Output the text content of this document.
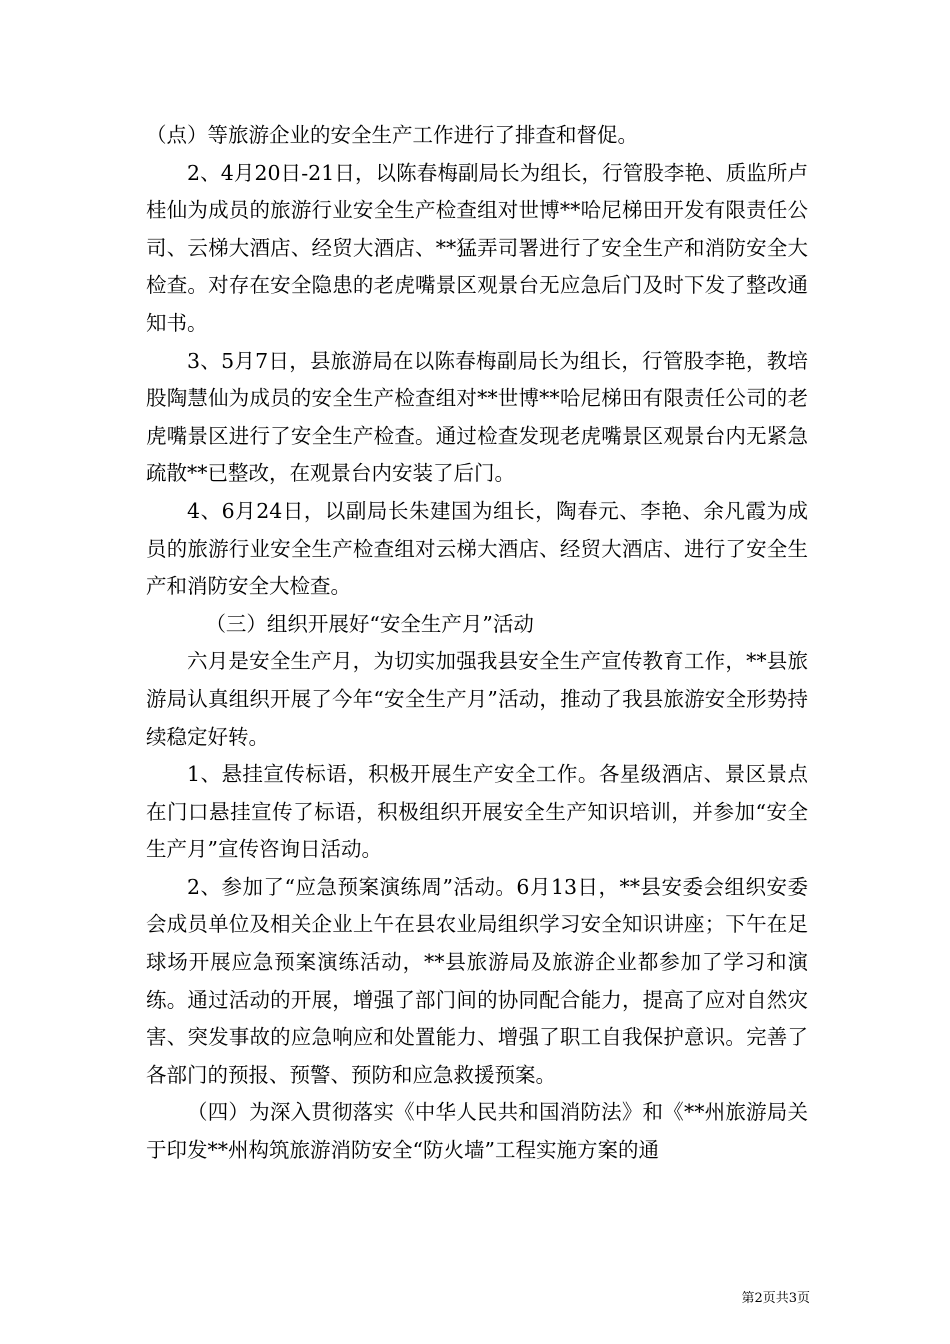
（点）等旅游企业的安全生产工作进行了排查和督促。

2、4月20日-21日，以陈春梅副局长为组长，行管股李艳、质监所卢桂仙为成员的旅游行业安全生产检查组对世博**哈尼梯田开发有限责任公司、云梯大酒店、经贸大酒店、**猛弄司署进行了安全生产和消防安全大检查。对存在安全隐患的老虎嘴景区观景台无应急后门及时下发了整改通知书。

3、5月7日，县旅游局在以陈春梅副局长为组长，行管股李艳，教培股陶慧仙为成员的安全生产检查组对**世博**哈尼梯田有限责任公司的老虎嘴景区进行了安全生产检查。通过检查发现老虎嘴景区观景台内无紧急疏散**已整改，在观景台内安装了后门。

4、6月24日，以副局长朱建国为组长，陶春元、李艳、余凡霞为成员的旅游行业安全生产检查组对云梯大酒店、经贸大酒店、进行了安全生产和消防安全大检查。

（三）组织开展好“安全生产月”活动

六月是安全生产月，为切实加强我县安全生产宣传教育工作，**县旅游局认真组织开展了今年“安全生产月”活动，推动了我县旅游安全形势持续稳定好转。

1、悬挂宣传标语，积极开展生产安全工作。各星级酒店、景区景点在门口悬挂宣传了标语，积极组织开展安全生产知识培训，并参加“安全生产月”宣传咨询日活动。

2、参加了“应急预案演练周”活动。6月13日，**县安委会组织安委会成员单位及相关企业上午在县农业局组织学习安全知识讲座；下午在足球场开展应急预案演练活动，**县旅游局及旅游企业都参加了学习和演练。通过活动的开展，增强了部门间的协同配合能力，提高了应对自然灾害、突发事故的应急响应和处置能力、增强了职工自我保护意识。完善了各部门的预报、预警、预防和应急救援预案。

（四）为深入贯彻落实《中华人民共和国消防法》和《**州旅游局关于印发**州构筑旅游消防安全“防火墙”工程实施方案的通

第2页共3页
